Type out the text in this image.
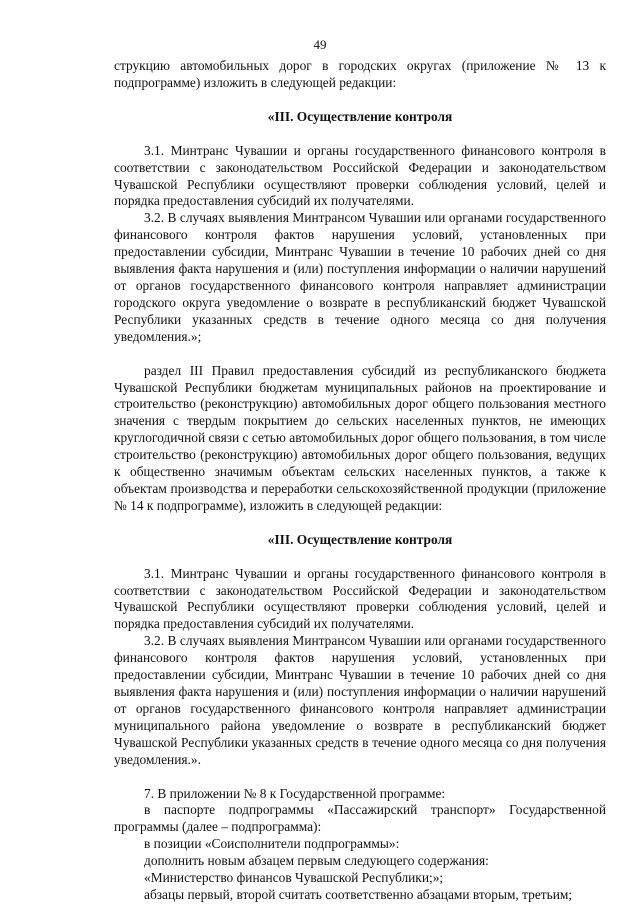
49

струкцию автомобильных дорог в городских округах (приложение № 13 к подпрограмме) изложить в следующей редакции:

«III. Осуществление контроля

3.1. Минтранс Чувашии и органы государственного финансового контроля в соответствии с законодательством Российской Федерации и законодательством Чувашской Республики осуществляют проверки соблюдения условий, целей и порядка предоставления субсидий их получателями.

3.2. В случаях выявления Минтрансом Чувашии или органами государственного финансового контроля фактов нарушения условий, установленных при предоставлении субсидии, Минтранс Чувашии в течение 10 рабочих дней со дня выявления факта нарушения и (или) поступления информации о наличии нарушений от органов государственного финансового контроля направляет администрации городского округа уведомление о возврате в республиканский бюджет Чувашской Республики указанных средств в течение одного месяца со дня получения уведомления.»;

раздел III Правил предоставления субсидий из республиканского бюджета Чувашской Республики бюджетам муниципальных районов на проектирование и строительство (реконструкцию) автомобильных дорог общего пользования местного значения с твердым покрытием до сельских населенных пунктов, не имеющих круглогодичной связи с сетью автомобильных дорог общего пользования, в том числе строительство (реконструкцию) автомобильных дорог общего пользования, ведущих к общественно значимым объектам сельских населенных пунктов, а также к объектам производства и переработки сельскохозяйственной продукции (приложение № 14 к подпрограмме), изложить в следующей редакции:

«III. Осуществление контроля

3.1. Минтранс Чувашии и органы государственного финансового контроля в соответствии с законодательством Российской Федерации и законодательством Чувашской Республики осуществляют проверки соблюдения условий, целей и порядка предоставления субсидий их получателями.

3.2. В случаях выявления Минтрансом Чувашии или органами государственного финансового контроля фактов нарушения условий, установленных при предоставлении субсидии, Минтранс Чувашии в течение 10 рабочих дней со дня выявления факта нарушения и (или) поступления информации о наличии нарушений от органов государственного финансового контроля направляет администрации муниципального района уведомление о возврате в республиканский бюджет Чувашской Республики указанных средств в течение одного месяца со дня получения уведомления.».

7. В приложении № 8 к Государственной программе:

в паспорте подпрограммы «Пассажирский транспорт» Государственной программы (далее – подпрограмма):

в позиции «Соисполнители подпрограммы»:

дополнить новым абзацем первым следующего содержания:

«Министерство финансов Чувашской Республики;»;

абзацы первый, второй считать соответственно абзацами вторым, третьим;
